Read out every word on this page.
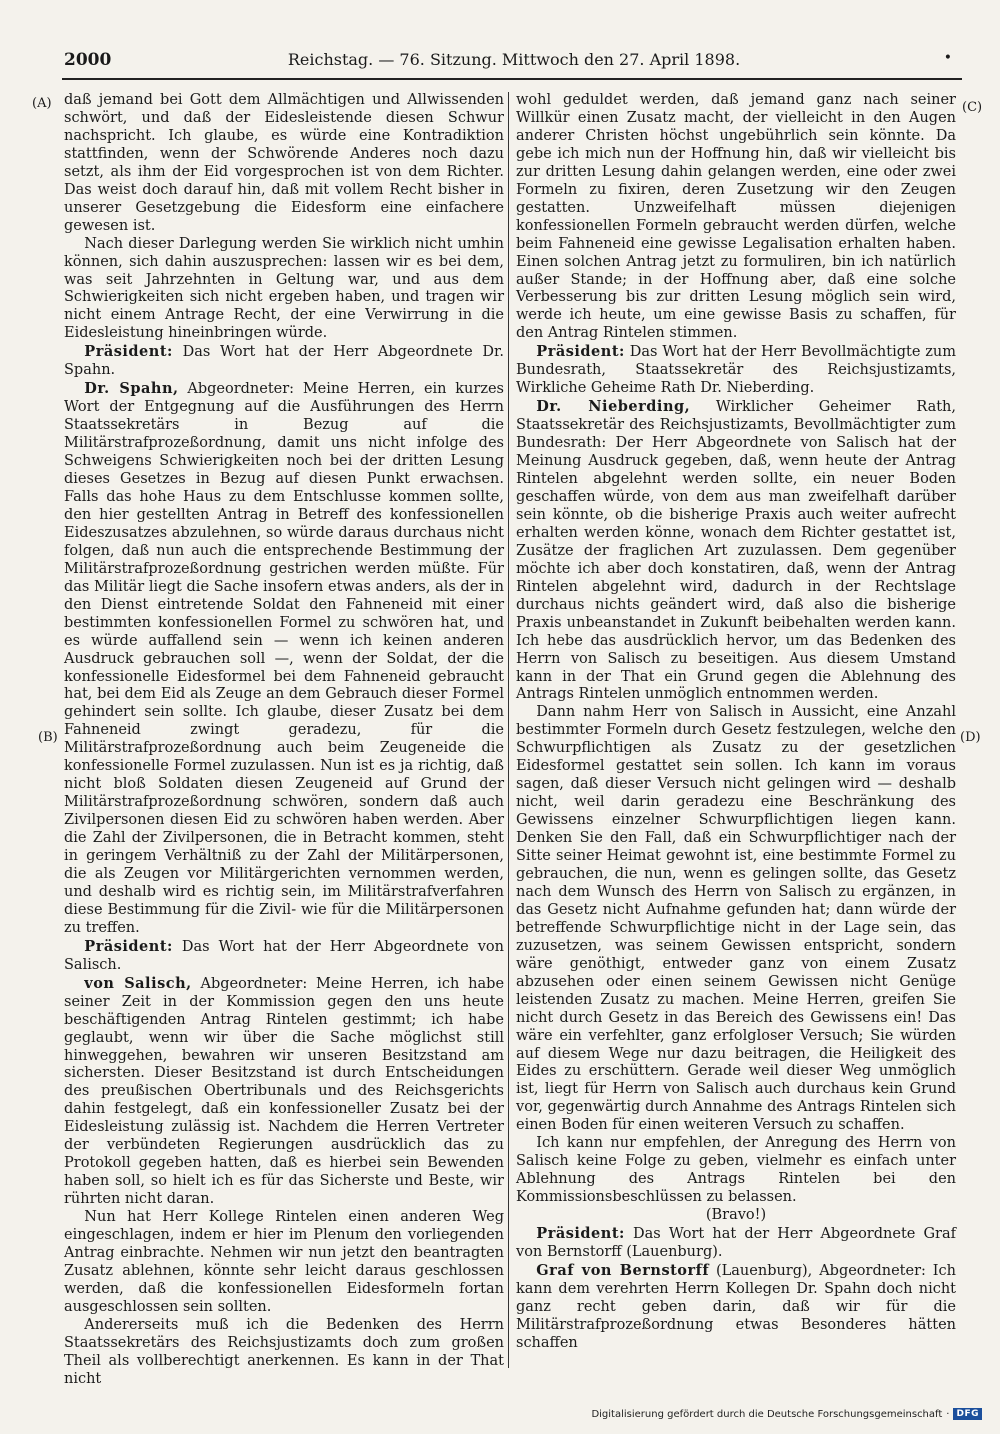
2000	Reichstag. — 76. Sitzung. Mittwoch den 27. April 1898.	•
(A)
(B)
(C)
(D)

daß jemand bei Gott dem Allmächtigen und Allwissenden schwört, und daß der Eidesleistende diesen Schwur nachspricht. Ich glaube, es würde eine Kontradiktion stattfinden, wenn der Schwörende Anderes noch dazu setzt, als ihm der Eid vorgesprochen ist von dem Richter. Das weist doch darauf hin, daß mit vollem Recht bisher in unserer Gesetzgebung die Eidesform eine einfachere gewesen ist.

Nach dieser Darlegung werden Sie wirklich nicht umhin können, sich dahin auszusprechen: lassen wir es bei dem, was seit Jahrzehnten in Geltung war, und aus dem Schwierigkeiten sich nicht ergeben haben, und tragen wir nicht einem Antrage Recht, der eine Verwirrung in die Eidesleistung hineinbringen würde.

Präsident: Das Wort hat der Herr Abgeordnete Dr. Spahn.

Dr. Spahn, Abgeordneter: Meine Herren, ein kurzes Wort der Entgegnung auf die Ausführungen des Herrn Staatssekretärs in Bezug auf die Militärstrafprozeßordnung, damit uns nicht infolge des Schweigens Schwierigkeiten noch bei der dritten Lesung dieses Gesetzes in Bezug auf diesen Punkt erwachsen. Falls das hohe Haus zu dem Entschlusse kommen sollte, den hier gestellten Antrag in Betreff des konfessionellen Eideszusatzes abzulehnen, so würde daraus durchaus nicht folgen, daß nun auch die entsprechende Bestimmung der Militärstrafprozeßordnung gestrichen werden müßte. Für das Militär liegt die Sache insofern etwas anders, als der in den Dienst eintretende Soldat den Fahneneid mit einer bestimmten konfessionellen Formel zu schwören hat, und es würde auffallend sein — wenn ich keinen anderen Ausdruck gebrauchen soll —, wenn der Soldat, der die konfessionelle Eidesformel bei dem Fahneneid gebraucht hat, bei dem Eid als Zeuge an dem Gebrauch dieser Formel gehindert sein sollte. Ich glaube, dieser Zusatz bei dem Fahneneid zwingt geradezu, für die Militärstrafprozeßordnung auch beim Zeugeneide die konfessionelle Formel zuzulassen. Nun ist es ja richtig, daß nicht bloß Soldaten diesen Zeugeneid auf Grund der Militärstrafprozeßordnung schwören, sondern daß auch Zivilpersonen diesen Eid zu schwören haben werden. Aber die Zahl der Zivilpersonen, die in Betracht kommen, steht in geringem Verhältniß zu der Zahl der Militärpersonen, die als Zeugen vor Militärgerichten vernommen werden, und deshalb wird es richtig sein, im Militärstrafverfahren diese Bestimmung für die Zivil- wie für die Militärpersonen zu treffen.

Präsident: Das Wort hat der Herr Abgeordnete von Salisch.

von Salisch, Abgeordneter: Meine Herren, ich habe seiner Zeit in der Kommission gegen den uns heute beschäftigenden Antrag Rintelen gestimmt; ich habe geglaubt, wenn wir über die Sache möglichst still hinweggehen, bewahren wir unseren Besitzstand am sichersten. Dieser Besitzstand ist durch Entscheidungen des preußischen Obertribunals und des Reichsgerichts dahin festgelegt, daß ein konfessioneller Zusatz bei der Eidesleistung zulässig ist. Nachdem die Herren Vertreter der verbündeten Regierungen ausdrücklich das zu Protokoll gegeben hatten, daß es hierbei sein Bewenden haben soll, so hielt ich es für das Sicherste und Beste, wir rührten nicht daran.

Nun hat Herr Kollege Rintelen einen anderen Weg eingeschlagen, indem er hier im Plenum den vorliegenden Antrag einbrachte. Nehmen wir nun jetzt den beantragten Zusatz ablehnen, könnte sehr leicht daraus geschlossen werden, daß die konfessionellen Eidesformeln fortan ausgeschlossen sein sollten.

Andererseits muß ich die Bedenken des Herrn Staatssekretärs des Reichsjustizamts doch zum großen Theil als vollberechtigt anerkennen. Es kann in der That nicht

wohl geduldet werden, daß jemand ganz nach seiner Willkür einen Zusatz macht, der vielleicht in den Augen anderer Christen höchst ungebührlich sein könnte. Da gebe ich mich nun der Hoffnung hin, daß wir vielleicht bis zur dritten Lesung dahin gelangen werden, eine oder zwei Formeln zu fixiren, deren Zusetzung wir den Zeugen gestatten. Unzweifelhaft müssen diejenigen konfessionellen Formeln gebraucht werden dürfen, welche beim Fahneneid eine gewisse Legalisation erhalten haben. Einen solchen Antrag jetzt zu formuliren, bin ich natürlich außer Stande; in der Hoffnung aber, daß eine solche Verbesserung bis zur dritten Lesung möglich sein wird, werde ich heute, um eine gewisse Basis zu schaffen, für den Antrag Rintelen stimmen.

Präsident: Das Wort hat der Herr Bevollmächtigte zum Bundesrath, Staatssekretär des Reichsjustizamts, Wirkliche Geheime Rath Dr. Nieberding.

Dr. Nieberding, Wirklicher Geheimer Rath, Staatssekretär des Reichsjustizamts, Bevollmächtigter zum Bundesrath: Der Herr Abgeordnete von Salisch hat der Meinung Ausdruck gegeben, daß, wenn heute der Antrag Rintelen abgelehnt werden sollte, ein neuer Boden geschaffen würde, von dem aus man zweifelhaft darüber sein könnte, ob die bisherige Praxis auch weiter aufrecht erhalten werden könne, wonach dem Richter gestattet ist, Zusätze der fraglichen Art zuzulassen. Dem gegenüber möchte ich aber doch konstatiren, daß, wenn der Antrag Rintelen abgelehnt wird, dadurch in der Rechtslage durchaus nichts geändert wird, daß also die bisherige Praxis unbeanstandet in Zukunft beibehalten werden kann. Ich hebe das ausdrücklich hervor, um das Bedenken des Herrn von Salisch zu beseitigen. Aus diesem Umstand kann in der That ein Grund gegen die Ablehnung des Antrags Rintelen unmöglich entnommen werden.

Dann nahm Herr von Salisch in Aussicht, eine Anzahl bestimmter Formeln durch Gesetz festzulegen, welche den Schwurpflichtigen als Zusatz zu der gesetzlichen Eidesformel gestattet sein sollen. Ich kann im voraus sagen, daß dieser Versuch nicht gelingen wird — deshalb nicht, weil darin geradezu eine Beschränkung des Gewissens einzelner Schwurpflichtigen liegen kann. Denken Sie den Fall, daß ein Schwurpflichtiger nach der Sitte seiner Heimat gewohnt ist, eine bestimmte Formel zu gebrauchen, die nun, wenn es gelingen sollte, das Gesetz nach dem Wunsch des Herrn von Salisch zu ergänzen, in das Gesetz nicht Aufnahme gefunden hat; dann würde der betreffende Schwurpflichtige nicht in der Lage sein, das zuzusetzen, was seinem Gewissen entspricht, sondern wäre genöthigt, entweder ganz von einem Zusatz abzusehen oder einen seinem Gewissen nicht Genüge leistenden Zusatz zu machen. Meine Herren, greifen Sie nicht durch Gesetz in das Bereich des Gewissens ein! Das wäre ein verfehlter, ganz erfolgloser Versuch; Sie würden auf diesem Wege nur dazu beitragen, die Heiligkeit des Eides zu erschüttern. Gerade weil dieser Weg unmöglich ist, liegt für Herrn von Salisch auch durchaus kein Grund vor, gegenwärtig durch Annahme des Antrags Rintelen sich einen Boden für einen weiteren Versuch zu schaffen.

Ich kann nur empfehlen, der Anregung des Herrn von Salisch keine Folge zu geben, vielmehr es einfach unter Ablehnung des Antrags Rintelen bei den Kommissionsbeschlüssen zu belassen.

(Bravo!)

Präsident: Das Wort hat der Herr Abgeordnete Graf von Bernstorff (Lauenburg).

Graf von Bernstorff (Lauenburg), Abgeordneter: Ich kann dem verehrten Herrn Kollegen Dr. Spahn doch nicht ganz recht geben darin, daß wir für die Militärstrafprozeßordnung etwas Besonderes hätten schaffen

Digitalisierung gefördert durch die Deutsche Forschungsgemeinschaft · DFG
